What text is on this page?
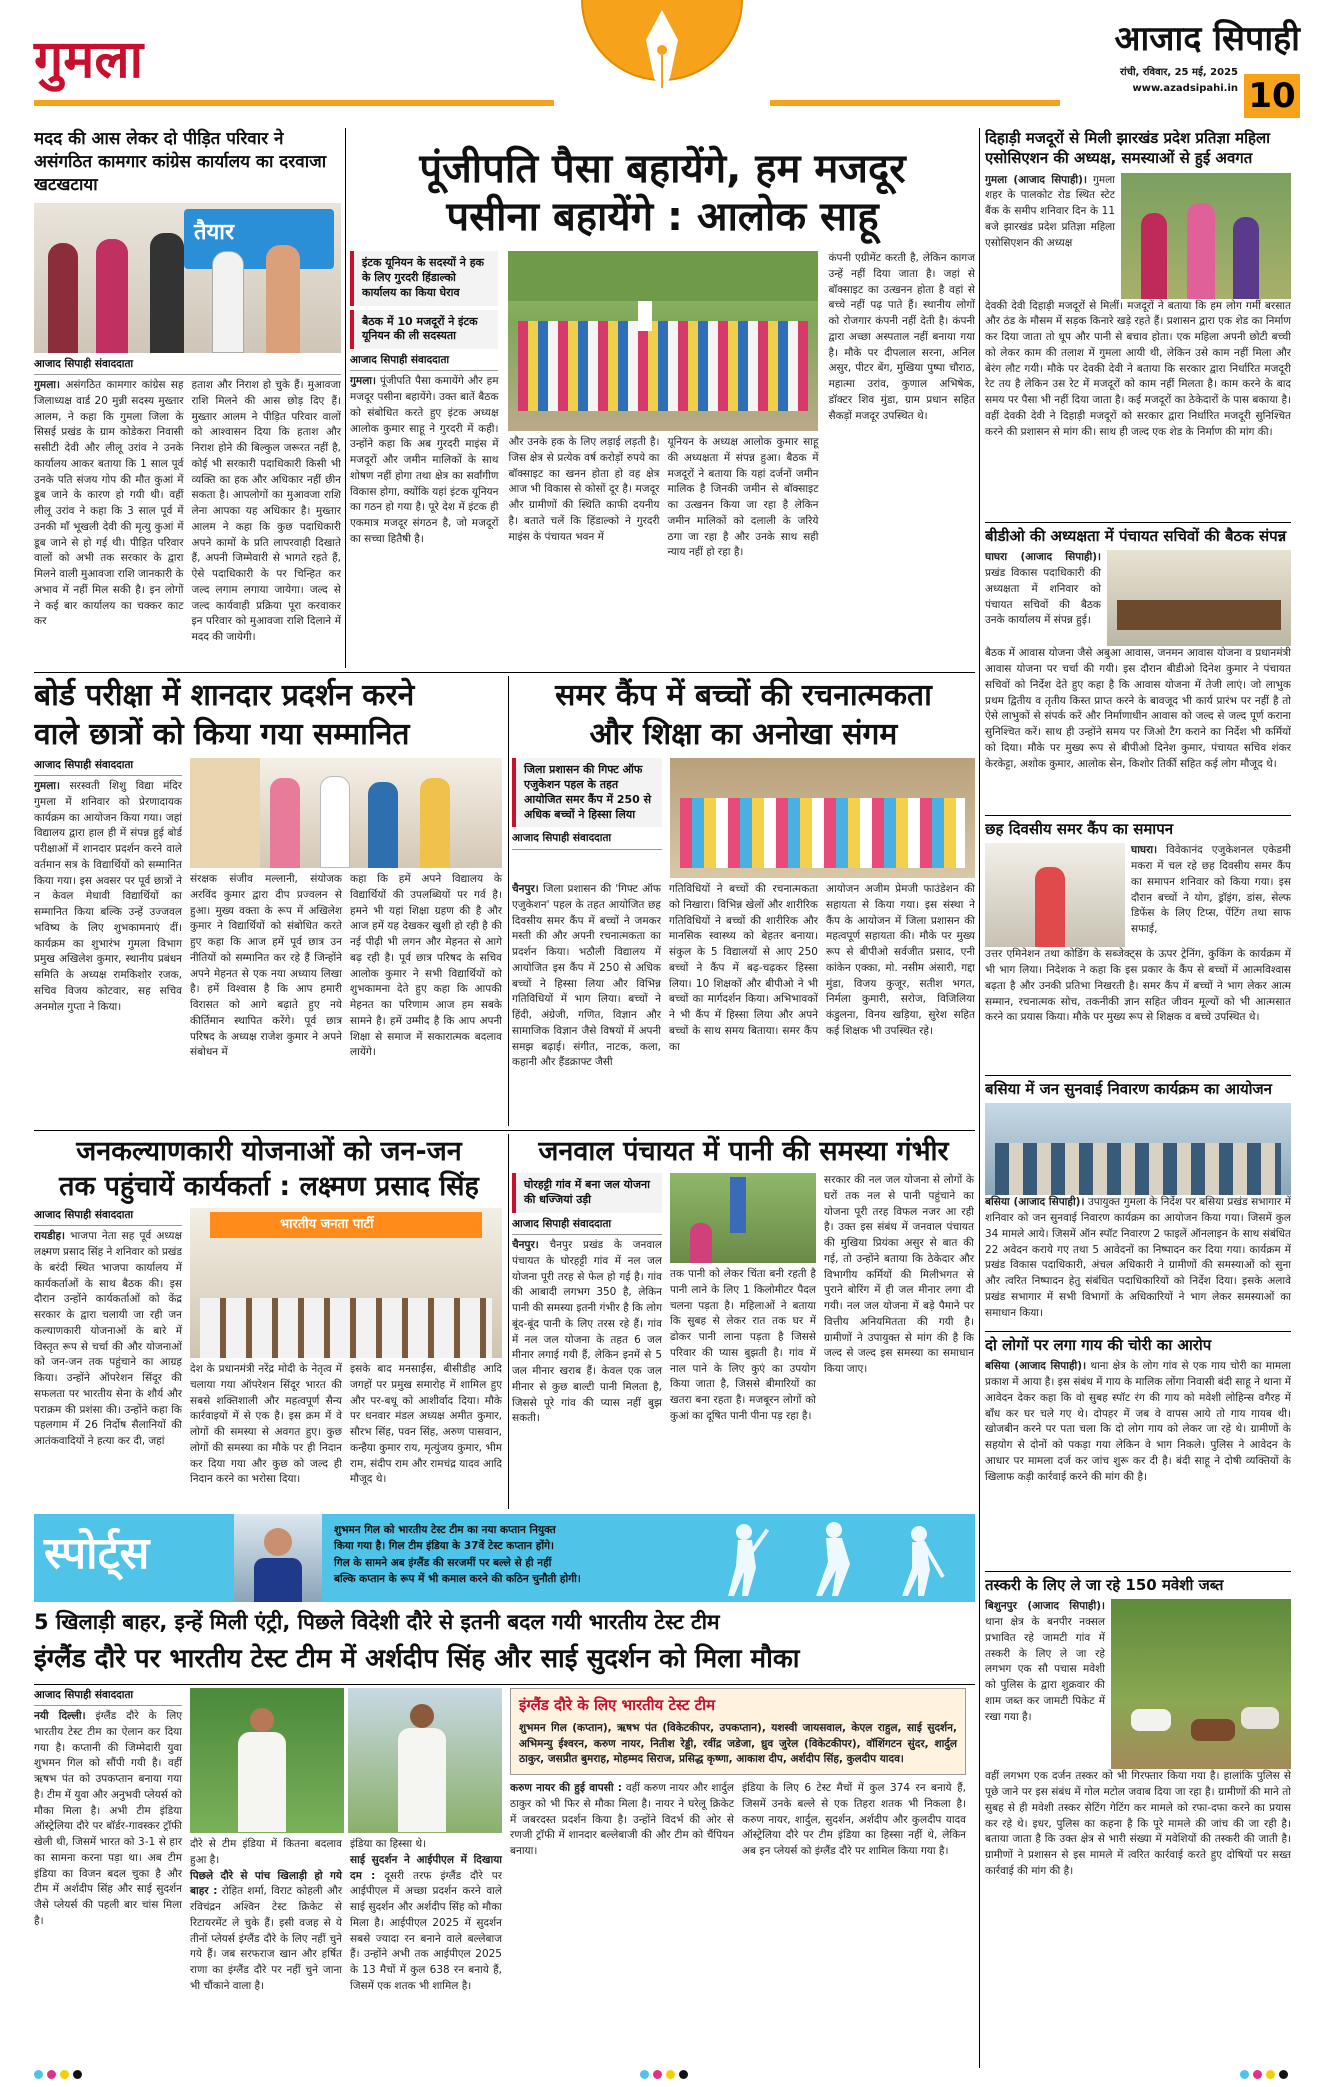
गुमला	आजाद सिपाही
रांची, रविवार, 25 मई, 2025
www.azadsipahi.in 10
मदद की आस लेकर दो पीड़ित परिवार ने असंगठित कामगार कांग्रेस कार्यालय का दरवाजा खटखटाया
तैयार
आजाद सिपाही संवाददाता
गुमला। असंगठित कामगार कांग्रेस सह जिलाध्यक्ष वार्ड 20 मुन्नी सदस्य मुख्तार आलम, ने कहा कि गुमला जिला के सिसई प्रखंड के ग्राम कोडेकरा निवासी ससीटी देवी और लीलू उरांव ने उनके कार्यालय आकर बताया कि 1 साल पूर्व उनके पति संजय गोप की मौत कुआं में डूब जाने के कारण हो गयी थी। वहीं लीलू उरांव ने कहा कि 3 साल पूर्व में उनकी माँ भूखली देवी की मृत्यु कुआं में डूब जाने से हो गई थी। पीड़ित परिवार वालों को अभी तक सरकार के द्वारा मिलने वाली मुआवजा राशि जानकारी के अभाव में नहीं मिल सकी है। इन लोगों ने कई बार कार्यालय का चक्कर काट कर
हताश और निराश हो चुके हैं। मुआवजा राशि मिलने की आस छोड़ दिए हैं। मुख्तार आलम ने पीड़ित परिवार वालों को आश्वासन दिया कि हताश और निराश होने की बिल्कुल जरूरत नहीं है, कोई भी सरकारी पदाधिकारी किसी भी व्यक्ति का हक और अधिकार नहीं छीन सकता है। आपलोगों का मुआवजा राशि लेना आपका यह अधिकार है। मुख्तार आलम ने कहा कि कुछ पदाधिकारी अपने कामों के प्रति लापरवाही दिखाते हैं, अपनी जिम्मेवारी से भागते रहते हैं, ऐसे पदाधिकारी के पर चिन्हित कर जल्द लगाम लगाया जायेगा। जल्द से जल्द कार्यवाही प्रक्रिया पूरा करवाकर इन परिवार को मुआवजा राशि दिलाने में मदद की जायेगी।
पूंजीपति पैसा बहायेंगे, हम मजदूर
पसीना बहायेंगे : आलोक साहू
इंटक यूनियन के सदस्यों ने हक के लिए गुरदरी हिंडाल्को कार्यालय का किया घेराव
बैठक में 10 मजदूरों ने इंटक यूनियन की ली सदस्यता
आजाद सिपाही संवाददाता
गुमला। पूंजीपति पैसा कमायेंगे और हम मजदूर पसीना बहायेंगे। उक्त बातें बैठक को संबोधित करते हुए इंटक अध्यक्ष आलोक कुमार साहू ने गुरदरी में कही। उन्होंने कहा कि अब गुरदरी माइंस में मजदूरों और जमीन मालिकों के साथ शोषण नहीं होगा तथा क्षेत्र का सर्वांगीण विकास होगा, क्योंकि यहां इंटक यूनियन का गठन हो गया है। पूरे देश में इंटक ही एकमात्र मजदूर संगठन है, जो मजदूरों का सच्चा हितैषी है।
और उनके हक के लिए लड़ाई लड़ती है। जिस क्षेत्र से प्रत्येक वर्ष करोड़ों रुपये का बॉक्साइट का खनन होता हो वह क्षेत्र आज भी विकास से कोसों दूर है। मजदूर और ग्रामीणों की स्थिति काफी दयनीय है। बताते चलें कि हिंडाल्को ने गुरदरी माइंस के पंचायत भवन में
यूनियन के अध्यक्ष आलोक कुमार साहू की अध्यक्षता में संपन्न हुआ। बैठक में मजदूरों ने बताया कि यहां दर्जनों जमीन मालिक है जिनकी जमीन से बॉक्साइट का उत्खनन किया जा रहा है लेकिन जमीन मालिकों को दलाली के जरिये ठगा जा रहा है और उनके साथ सही न्याय नहीं हो रहा है।
कंपनी एग्रीमेंट करती है, लेकिन कागज उन्हें नहीं दिया जाता है। जहां से बॉक्साइट का उत्खनन होता है वहां से बच्चे नहीं पढ़ पाते हैं। स्थानीय लोगों को रोजगार कंपनी नहीं देती है। कंपनी द्वारा अच्छा अस्पताल नहीं बनाया गया है। मौके पर दीपलाल सरना, अनिल असुर, पीटर बेंग, मुखिया पुष्पा चौराठ, महात्मा उरांव, कुणाल अभिषेक, डॉक्टर शिव मुंडा, ग्राम प्रधान सहित सैकड़ों मजदूर उपस्थित थे।
दिहाड़ी मजदूरों से मिली झारखंड प्रदेश प्रतिज्ञा महिला एसोसिएशन की अध्यक्ष, समस्याओं से हुई अवगत
गुमला (आजाद सिपाही)। गुमला शहर के पालकोट रोड स्थित स्टेट बैंक के समीप शनिवार दिन के 11 बजे झारखंड प्रदेश प्रतिज्ञा महिला एसोसिएशन की अध्यक्ष
देवकी देवी दिहाड़ी मजदूरों से मिलीं। मजदूरों ने बताया कि हम लोग गर्मी बरसात और ठंड के मौसम में सड़क किनारे खड़े रहते हैं। प्रशासन द्वारा एक शेड का निर्माण कर दिया जाता तो धूप और पानी से बचाव होता। एक महिला अपनी छोटी बच्ची को लेकर काम की तलाश में गुमला आयी थी, लेकिन उसे काम नहीं मिला और बेरंग लौट गयी। मौके पर देवकी देवी ने बताया कि सरकार द्वारा निर्धारित मजदूरी रेट तय है लेकिन उस रेट में मजदूरों को काम नहीं मिलता है। काम करने के बाद समय पर पैसा भी नहीं दिया जाता है। कई मजदूरों का ठेकेदारों के पास बकाया है। वहीं देवकी देवी ने दिहाड़ी मजदूरों को सरकार द्वारा निर्धारित मजदूरी सुनिश्चित करने की प्रशासन से मांग की। साथ ही जल्द एक शेड के निर्माण की मांग की।
बीडीओ की अध्यक्षता में पंचायत सचिवों की बैठक संपन्न
घाघरा (आजाद सिपाही)। प्रखंड विकास पदाधिकारी की अध्यक्षता में शनिवार को पंचायत सचिवों की बैठक उनके कार्यालय में संपन्न हुई।
बैठक में आवास योजना जैसे अबुआ आवास, जनमन आवास योजना व प्रधानमंत्री आवास योजना पर चर्चा की गयी। इस दौरान बीडीओ दिनेश कुमार ने पंचायत सचिवों को निर्देश देते हुए कहा है कि आवास योजना में तेजी लाएं। जो लाभुक प्रथम द्वितीय व तृतीय किस्त प्राप्त करने के बावजूद भी कार्य प्रारंभ पर नहीं है तो ऐसे लाभुकों से संपर्क करें और निर्माणाधीन आवास को जल्द से जल्द पूर्ण कराना सुनिश्चित करें। साथ ही उन्होंने समय पर जिओ टैग कराने का निर्देश भी कर्मियों को दिया। मौके पर मुख्य रूप से बीपीओ दिनेश कुमार, पंचायत सचिव शंकर केरकेट्टा, अशोक कुमार, आलोक सेन, किशोर तिर्की सहित कई लोग मौजूद थे।
छह दिवसीय समर कैंप का समापन
घाघरा। विवेकानंद एजुकेशनल एकेडमी मकरा में चल रहे छह दिवसीय समर कैंप का समापन शनिवार को किया गया। इस दौरान बच्चों ने योग, ड्रॉइंग, डांस, सेल्फ डिफेंस के लिए टिप्स, पेंटिंग तथा साफ सफाई,
उत्तर एमिनेशन तथा कोडिंग के सब्जेक्ट्स के ऊपर ट्रेनिंग, कुकिंग के कार्यक्रम में भी भाग लिया। निदेशक ने कहा कि इस प्रकार के कैंप से बच्चों में आत्मविश्वास बढ़ता है और उनकी प्रतिभा निखरती है। समर कैंप में बच्चों ने भाग लेकर आत्म सम्मान, रचनात्मक सोच, तकनीकी ज्ञान सहित जीवन मूल्यों को भी आत्मसात करने का प्रयास किया। मौके पर मुख्य रूप से शिक्षक व बच्चे उपस्थित थे।
बसिया में जन सुनवाई निवारण कार्यक्रम का आयोजन
बसिया (आजाद सिपाही)। उपायुक्त गुमला के निर्देश पर बसिया प्रखंड सभागार में शनिवार को जन सुनवाई निवारण कार्यक्रम का आयोजन किया गया। जिसमें कुल 34 मामले आये। जिसमें ऑन स्पॉट निवारण 2 फाइलें ऑनलाइन के साथ संबंधित 22 अवेदन कराये गए तथा 5 आवेदनों का निष्पादन कर दिया गया। कार्यक्रम में प्रखंड विकास पदाधिकारी, अंचल अधिकारी ने ग्रामीणों की समस्याओं को सुना और त्वरित निष्पादन हेतु संबंधित पदाधिकारियों को निर्देश दिया। इसके अलावे प्रखंड सभागार में सभी विभागों के अधिकारियों ने भाग लेकर समस्याओं का समाधान किया।
दो लोगों पर लगा गाय की चोरी का आरोप
बसिया (आजाद सिपाही)। थाना क्षेत्र के लोग गांव से एक गाय चोरी का मामला प्रकाश में आया है। इस संबंध में गाय के मालिक लोंगा निवासी बंदी साहू ने थाना में आवेदन देकर कहा कि वो सुबह स्पॉट रंग की गाय को मवेशी लोहिन्स वगैरह में बाँध कर घर चले गए थे। दोपहर में जब वे वापस आये तो गाय गायब थी। खोजबीन करने पर पता चला कि दो लोग गाय को लेकर जा रहे थे। ग्रामीणों के सहयोग से दोनों को पकड़ा गया लेकिन वे भाग निकले। पुलिस ने आवेदन के आधार पर मामला दर्ज कर जांच शुरू कर दी है। बंदी साहू ने दोषी व्यक्तियों के खिलाफ कड़ी कार्रवाई करने की मांग की है।
तस्करी के लिए ले जा रहे 150 मवेशी जब्त
बिशुनपुर (आजाद सिपाही)। थाना क्षेत्र के बनपीर नक्सल प्रभावित रहे जामटी गांव में तस्करी के लिए ले जा रहे लगभग एक सौ पचास मवेशी को पुलिस के द्वारा शुक्रवार की शाम जब्त कर जामटी पिकेट में रखा गया है।
वहीं लगभग एक दर्जन तस्कर को भी गिरफ्तार किया गया है। हालांकि पुलिस से पूछे जाने पर इस संबंध में गोल मटोल जवाब दिया जा रहा है। ग्रामीणों की माने तो सुबह से ही मवेशी तस्कर सेटिंग गेटिंग कर मामले को रफा-दफा करने का प्रयास कर रहे थे। इधर, पुलिस का कहना है कि पूरे मामले की जांच की जा रही है। बताया जाता है कि उक्त क्षेत्र से भारी संख्या में मवेशियों की तस्करी की जाती है। ग्रामीणों ने प्रशासन से इस मामले में त्वरित कार्रवाई करते हुए दोषियों पर सख्त कार्रवाई की मांग की है।
बोर्ड परीक्षा में शानदार प्रदर्शन करने
वाले छात्रों को किया गया सम्मानित
आजाद सिपाही संवाददाता
गुमला। सरस्वती शिशु विद्या मंदिर गुमला में शनिवार को प्रेरणादायक कार्यक्रम का आयोजन किया गया। जहां विद्यालय द्वारा हाल ही में संपन्न हुई बोर्ड परीक्षाओं में शानदार प्रदर्शन करने वाले वर्तमान सत्र के विद्यार्थियों को सम्मानित किया गया। इस अवसर पर पूर्व छात्रों ने न केवल मेधावी विद्यार्थियों का सम्मानित किया बल्कि उन्हें उज्जवल भविष्य के लिए शुभकामनाएं दीं। कार्यक्रम का शुभारंभ गुमला विभाग प्रमुख अखिलेश कुमार, स्थानीय प्रबंधन समिति के अध्यक्ष रामकिशोर रजक, सचिव विजय कोटवार, सह सचिव अनमोल गुप्ता ने किया।
संरक्षक संजीव मल्लानी, संयोजक अरविंद कुमार द्वारा दीप प्रज्वलन से हुआ। मुख्य वक्ता के रूप में अखिलेश कुमार ने विद्यार्थियों को संबोधित करते हुए कहा कि आज हमें पूर्व छात्र उन नीतियों को सम्मानित कर रहे हैं जिन्होंने अपने मेहनत से एक नया अध्याय लिखा है। हमें विश्वास है कि आप हमारी विरासत को आगे बढ़ाते हुए नये कीर्तिमान स्थापित करेंगे। पूर्व छात्र परिषद के अध्यक्ष राजेश कुमार ने अपने संबोधन में
कहा कि हमें अपने विद्यालय के विद्यार्थियों की उपलब्धियों पर गर्व है। हमने भी यहां शिक्षा ग्रहण की है और आज हमें यह देखकर खुशी हो रही है की नई पीढ़ी भी लगन और मेहनत से आगे बढ़ रही है। पूर्व छात्र परिषद के सचिव आलोक कुमार ने सभी विद्यार्थियों को शुभकामना देते हुए कहा कि आपकी मेहनत का परिणाम आज हम सबके सामने है। हमें उम्मीद है कि आप अपनी शिक्षा से समाज में सकारात्मक बदलाव लायेंगे।
समर कैंप में बच्चों की रचनात्मकता
और शिक्षा का अनोखा संगम
जिला प्रशासन की गिफ्ट ऑफ एजुकेशन पहल के तहत आयोजित समर कैंप में 250 से अधिक बच्चों ने हिस्सा लिया
आजाद सिपाही संवाददाता
चैनपुर। जिला प्रशासन की 'गिफ्ट ऑफ एजुकेशन' पहल के तहत आयोजित छह दिवसीय समर कैंप में बच्चों ने जमकर मस्ती की और अपनी रचनात्मकता का प्रदर्शन किया। भठौली विद्यालय में आयोजित इस कैंप में 250 से अधिक बच्चों ने हिस्सा लिया और विभिन्न गतिविधियों में भाग लिया। बच्चों ने हिंदी, अंग्रेजी, गणित, विज्ञान और सामाजिक विज्ञान जैसे विषयों में अपनी समझ बढ़ाई। संगीत, नाटक, कला, कहानी और हैंडक्राफ्ट जैसी
गतिविधियों ने बच्चों की रचनात्मकता को निखारा। विभिन्न खेलों और शारीरिक गतिविधियों ने बच्चों की शारीरिक और मानसिक स्वास्थ्य को बेहतर बनाया। संकुल के 5 विद्यालयों से आए 250 बच्चों ने कैंप में बढ़-चढ़कर हिस्सा लिया। 10 शिक्षकों और बीपीओ ने भी बच्चों का मार्गदर्शन किया। अभिभावकों ने भी कैंप में हिस्सा लिया और अपने बच्चों के साथ समय बिताया। समर कैंप का
आयोजन अजीम प्रेमजी फाउंडेशन की सहायता से किया गया। इस संस्था ने कैंप के आयोजन में जिला प्रशासन की महत्वपूर्ण सहायता की। मौके पर मुख्य रूप से बीपीओ सर्वजीत प्रसाद, एनी कांकेन एक्का, मो. नसीम अंसारी, गद्दा मुंडा, विजय कुजूर, सतीश भगत, निर्मला कुमारी, सरोज, विजिलिया कंडुलना, विनय खड़िया, सुरेश सहित कई शिक्षक भी उपस्थित रहे।
जनकल्याणकारी योजनाओं को जन-जन
तक पहुंचायें कार्यकर्ता : लक्ष्मण प्रसाद सिंह
आजाद सिपाही संवाददाता
रायडीह। भाजपा नेता सह पूर्व अध्यक्ष लक्ष्मण प्रसाद सिंह ने शनिवार को प्रखंड के बरंदी स्थित भाजपा कार्यालय में कार्यकर्ताओं के साथ बैठक की। इस दौरान उन्होंने कार्यकर्ताओं को केंद्र सरकार के द्वारा चलायी जा रही जन कल्याणकारी योजनाओं के बारे में विस्तृत रूप से चर्चा की और योजनाओं को जन-जन तक पहुंचाने का आग्रह किया। उन्होंने ऑपरेशन सिंदूर की सफलता पर भारतीय सेना के शौर्य और पराक्रम की प्रशंसा की। उन्होंने कहा कि पहलगाम में 26 निर्दोष सैलानियों की आतंकवादियों ने हत्या कर दी, जहां
भारतीय जनता पार्टी
देश के प्रधानमंत्री नरेंद्र मोदी के नेतृत्व में चलाया गया ऑपरेशन सिंदूर भारत की सबसे शक्तिशाली और महत्वपूर्ण सैन्य कार्रवाइयों में से एक है। इस क्रम में वे लोगों की समस्या से अवगत हुए। कुछ लोगों की समस्या का मौके पर ही निदान कर दिया गया और कुछ को जल्द ही निदान करने का भरोसा दिया।
इसके बाद मनसाईंस, बीसीडीह आदि जगहों पर प्रमुख समारोह में शामिल हुए और पर-बधू को आशीर्वाद दिया। मौके पर धनवार मंडल अध्यक्ष अमीत कुमार, सौरभ सिंह, पवन सिंह, अरुण पासवान, कन्हैया कुमार राय, मृत्युंजय कुमार, भीम राम, संदीप राम और रामचंद्र यादव आदि मौजूद थे।
जनवाल पंचायत में पानी की समस्या गंभीर
घोरहट्टी गांव में बना जल योजना की धज्जियां उड़ी
आजाद सिपाही संवाददाता
चैनपुर। चैनपुर प्रखंड के जनवाल पंचायत के घोरहट्टी गांव में नल जल योजना पूरी तरह से फेल हो गई है। गांव की आबादी लगभग 350 है, लेकिन पानी की समस्या इतनी गंभीर है कि लोग बूंद-बूंद पानी के लिए तरस रहे हैं। गांव में नल जल योजना के तहत 6 जल मीनार लगाई गयी हैं, लेकिन इनमें से 5 जल मीनार खराब हैं। केवल एक जल मीनार से कुछ बाल्टी पानी मिलता है, जिससे पूरे गांव की प्यास नहीं बुझ सकती।
तक पानी को लेकर चिंता बनी रहती है पानी लाने के लिए 1 किलोमीटर पैदल चलना पड़ता है। महिलाओं ने बताया कि सुबह से लेकर रात तक घर में ढोकर पानी लाना पड़ता है जिससे परिवार की प्यास बुझती है। गांव में नाल पाने के लिए कुएं का उपयोग किया जाता है, जिससे बीमारियों का खतरा बना रहता है। मजबूरन लोगों को कुआं का दूषित पानी पीना पड़ रहा है।
सरकार की नल जल योजना से लोगों के घरों तक नल से पानी पहुंचाने का योजना पूरी तरह विफल नजर आ रही है। उक्त इस संबंध में जनवाल पंचायत की मुखिया प्रियंका असुर से बात की गई, तो उन्होंने बताया कि ठेकेदार और विभागीय कर्मियों की मिलीभगत से पुराने बोरिंग में ही जल मीनार लगा दी गयी। नल जल योजना में बड़े पैमाने पर वित्तीय अनियमितता की गयी है। ग्रामीणों ने उपायुक्त से मांग की है कि जल्द से जल्द इस समस्या का समाधान किया जाए।
स्पोर्ट्स	शुभमन गिल को भारतीय टेस्ट टीम का नया कप्तान नियुक्त
किया गया है। गिल टीम इंडिया के 37वें टेस्ट कप्तान होंगे।
गिल के सामने अब इंग्लैंड की सरजमीं पर बल्ले से ही नहीं
बल्कि कप्तान के रूप में भी कमाल करने की कठिन चुनौती होगी।
5 खिलाड़ी बाहर, इन्हें मिली एंट्री, पिछले विदेशी दौरे से इतनी बदल गयी भारतीय टेस्ट टीम
इंग्लैंड दौरे पर भारतीय टेस्ट टीम में अर्शदीप सिंह और साई सुदर्शन को मिला मौका
आजाद सिपाही संवाददाता
नयी दिल्ली। इंग्लैंड दौरे के लिए भारतीय टेस्ट टीम का ऐलान कर दिया गया है। कप्तानी की जिम्मेदारी युवा शुभमन गिल को सौंपी गयी है। वहीं ऋषभ पंत को उपकप्तान बनाया गया है। टीम में युवा और अनुभवी प्लेयर्स को मौका मिला है। अभी टीम इंडिया ऑस्ट्रेलिया दौरे पर बॉर्डर-गावस्कर ट्रॉफी खेली थी, जिसमें भारत को 3-1 से हार का सामना करना पड़ा था। अब टीम इंडिया का विजन बदल चुका है और टीम में अर्शदीप सिंह और साई सुदर्शन जैसे प्लेयर्स की पहली बार चांस मिला है।
दौरे से टीम इंडिया में कितना बदलाव हुआ है।
पिछले दौरे से पांच खिलाड़ी हो गये बाहर : रोहित शर्मा, विराट कोहली और रविचंद्रन अश्विन टेस्ट क्रिकेट से रिटायरमेंट ले चुके हैं। इसी वजह से ये तीनों प्लेयर्स इंग्लैंड दौरे के लिए नहीं चुने गये हैं। जब सरफराज खान और हर्षित राणा का इंग्लैंड दौरे पर नहीं चुने जाना भी चौंकाने वाला है।
इंडिया का हिस्सा थे।
साई सुदर्शन ने आईपीएल में दिखाया दम : दूसरी तरफ इंग्लैंड दौरे पर आईपीएल में अच्छा प्रदर्शन करने वाले साई सुदर्शन और अर्शदीप सिंह को मौका मिला है। आईपीएल 2025 में सुदर्शन सबसे ज्यादा रन बनाने वाले बल्लेबाज हैं। उन्होंने अभी तक आईपीएल 2025 के 13 मैचों में कुल 638 रन बनाये हैं, जिसमें एक शतक भी शामिल है।
इंग्लैंड दौरे के लिए भारतीय टेस्ट टीम
शुभमन गिल (कप्तान), ऋषभ पंत (विकेटकीपर, उपकप्तान), यशस्वी जायसवाल, केएल राहुल, साई सुदर्शन, अभिमन्यु ईश्वरन, करुण नायर, नितीश रेड्डी, रवींद्र जडेजा, ध्रुव जुरेल (विकेटकीपर), वॉशिंगटन सुंदर, शार्दुल ठाकुर, जसप्रीत बुमराह, मोहम्मद सिराज, प्रसिद्ध कृष्णा, आकाश दीप, अर्शदीप सिंह, कुलदीप यादव।
करुण नायर की हुई वापसी : वहीं करुण नायर और शार्दुल ठाकुर को भी फिर से मौका मिला है। नायर ने घरेलू क्रिकेट में जबरदस्त प्रदर्शन किया है। उन्होंने विदर्भ की ओर से रणजी ट्रॉफी में शानदार बल्लेबाजी की और टीम को चैंपियन बनाया।
इंडिया के लिए 6 टेस्ट मैचों में कुल 374 रन बनाये हैं, जिसमें उनके बल्ले से एक तिहरा शतक भी निकला है। करुण नायर, शार्दुल, सुदर्शन, अर्शदीप और कुलदीप यादव ऑस्ट्रेलिया दौरे पर टीम इंडिया का हिस्सा नहीं थे, लेकिन अब इन प्लेयर्स को इंग्लैंड दौरे पर शामिल किया गया है।
